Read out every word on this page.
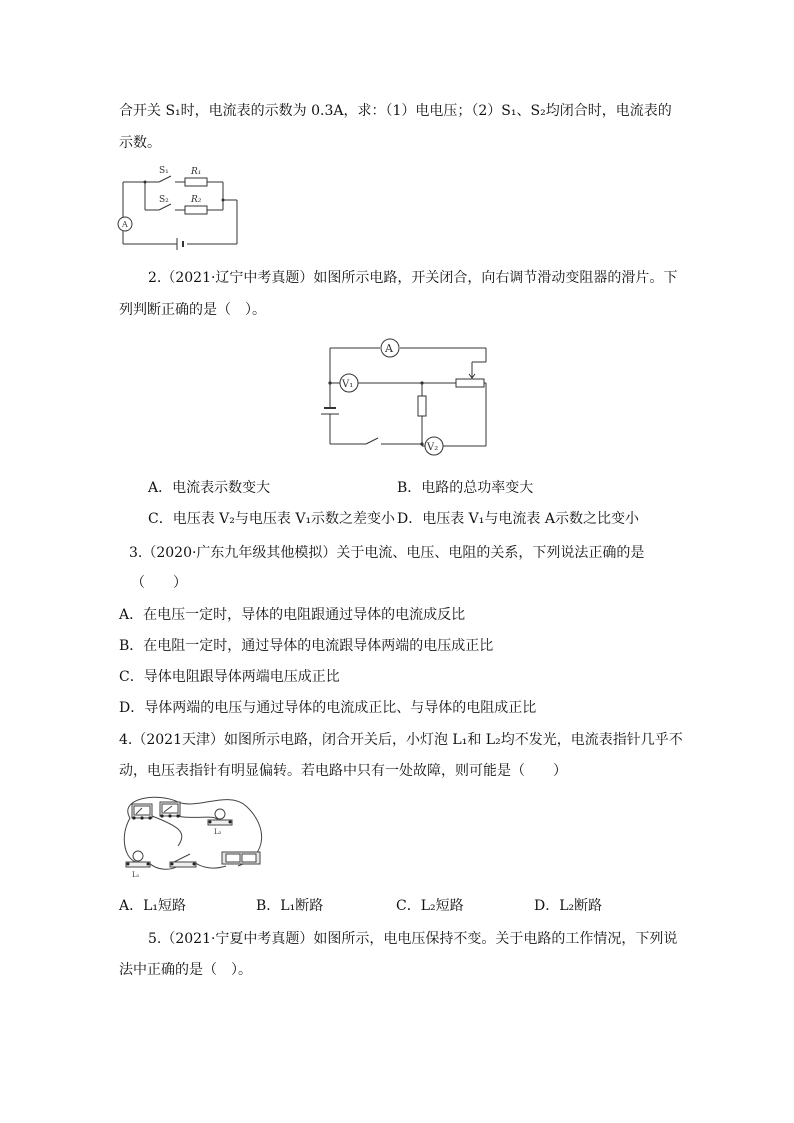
合开关 S₁时，电流表的示数为 0.3A，求：（1）电电压；（2）S₁、S₂均闭合时，电流表的
示数。
S₁ R₁
S₂ R₂
A
2.（2021·辽宁中考真题）如图所示电路，开关闭合，向右调节滑动变阻器的滑片。下
列判断正确的是（　）。
A
V₁
V₂
A．电流表示数变大	B．电路的总功率变大
C．电压表 V₂与电压表 V₁示数之差变小 D．电压表 V₁与电流表 A示数之比变小
3.（2020·广东九年级其他模拟）关于电流、电压、电阻的关系，下列说法正确的是
（　　）
A．在电压一定时，导体的电阻跟通过导体的电流成反比
B．在电阻一定时，通过导体的电流跟导体两端的电压成正比
C．导体电阻跟导体两端电压成正比
D．导体两端的电压与通过导体的电流成正比、与导体的电阻成正比
4.（2021天津）如图所示电路，闭合开关后，小灯泡 L₁和 L₂均不发光，电流表指针几乎不
动，电压表指针有明显偏转。若电路中只有一处故障，则可能是（　　）
L₂
L₁
A．L₁短路	B．L₁断路	C．L₂短路	D．L₂断路
5.（2021·宁夏中考真题）如图所示，电电压保持不变。关于电路的工作情况，下列说
法中正确的是（　）。
